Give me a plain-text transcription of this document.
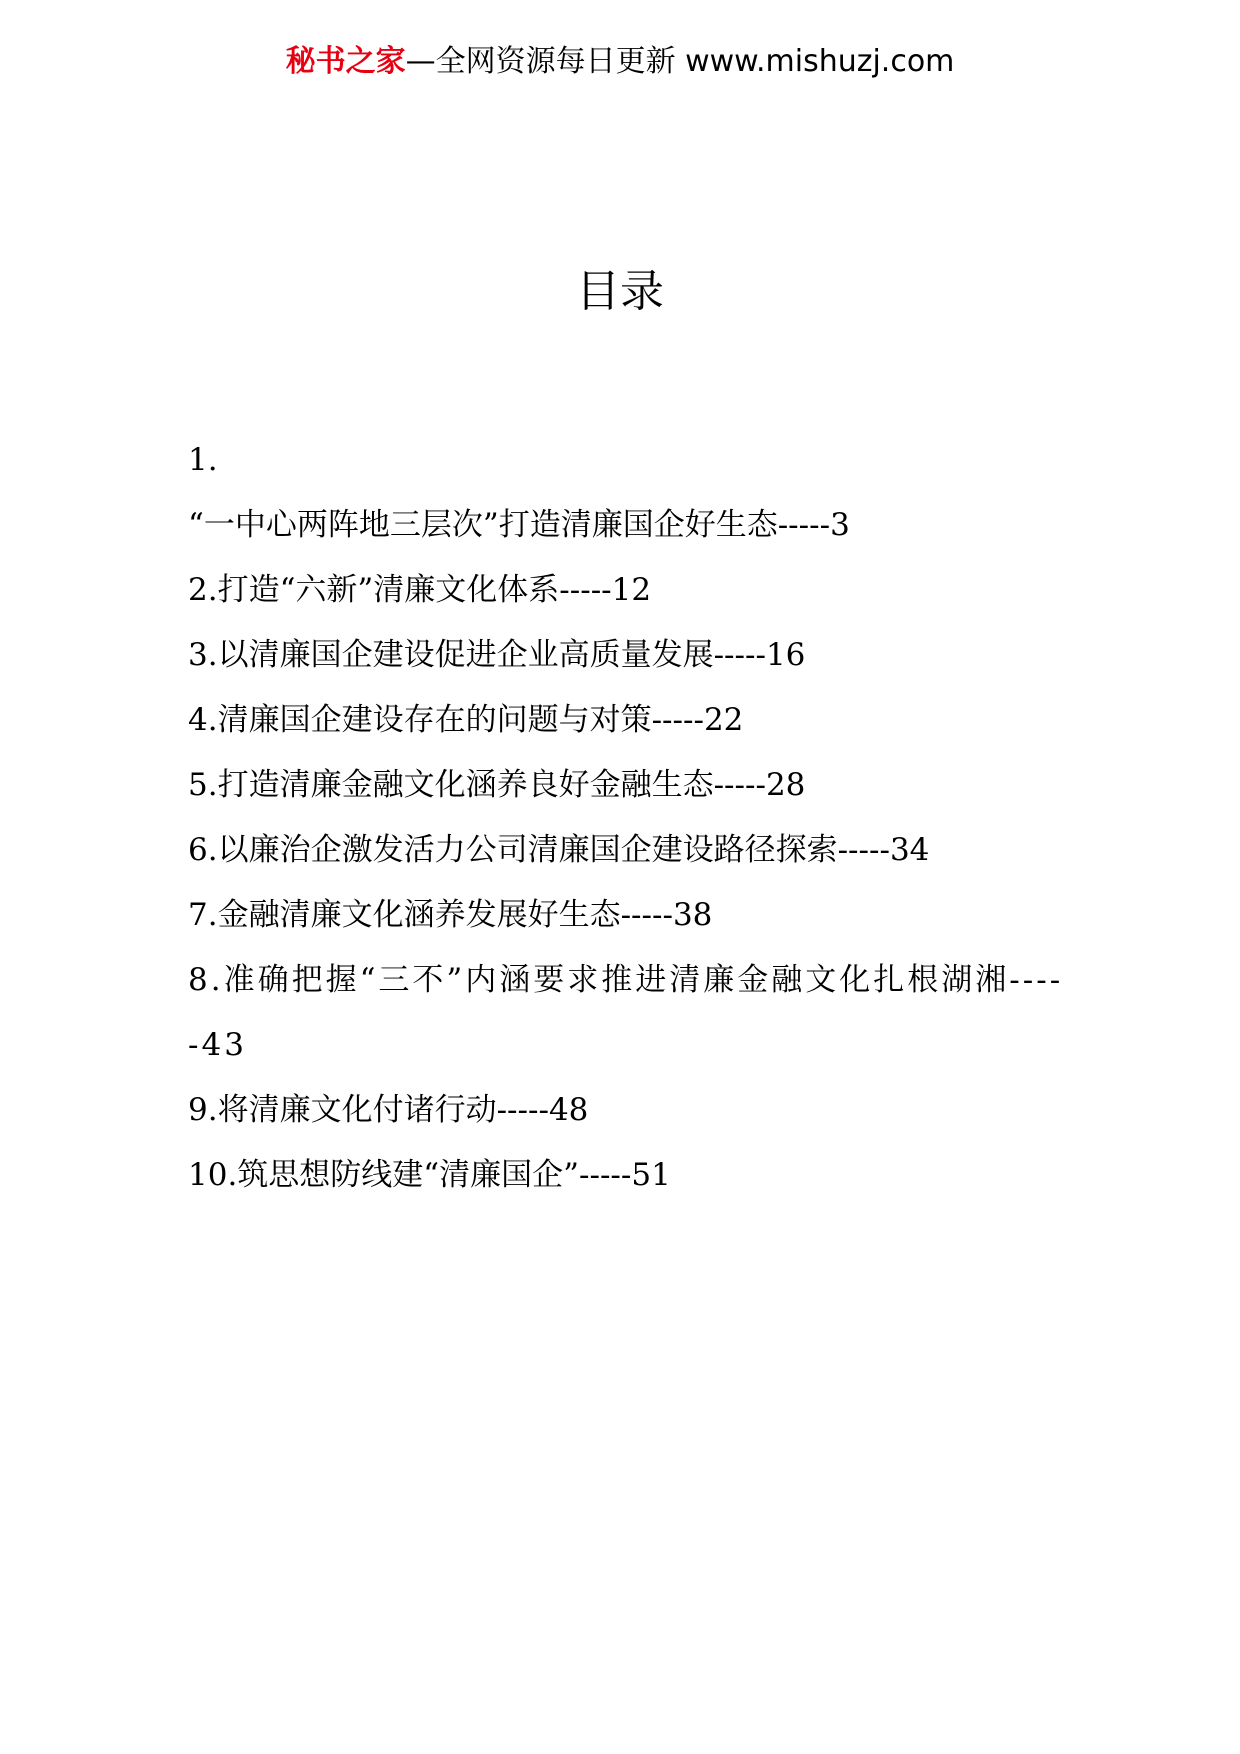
秘书之家—全网资源每日更新 www.mishuzj.com
目录
1.
“一中心两阵地三层次”打造清廉国企好生态-----3
2.打造“六新”清廉文化体系-----12
3.以清廉国企建设促进企业高质量发展-----16
4.清廉国企建设存在的问题与对策-----22
5.打造清廉金融文化涵养良好金融生态-----28
6.以廉治企激发活力公司清廉国企建设路径探索-----34
7.金融清廉文化涵养发展好生态-----38
8.准确把握“三不”内涵要求推进清廉金融文化扎根湖湘-----43
9.将清廉文化付诸行动-----48
10.筑思想防线建“清廉国企”-----51
